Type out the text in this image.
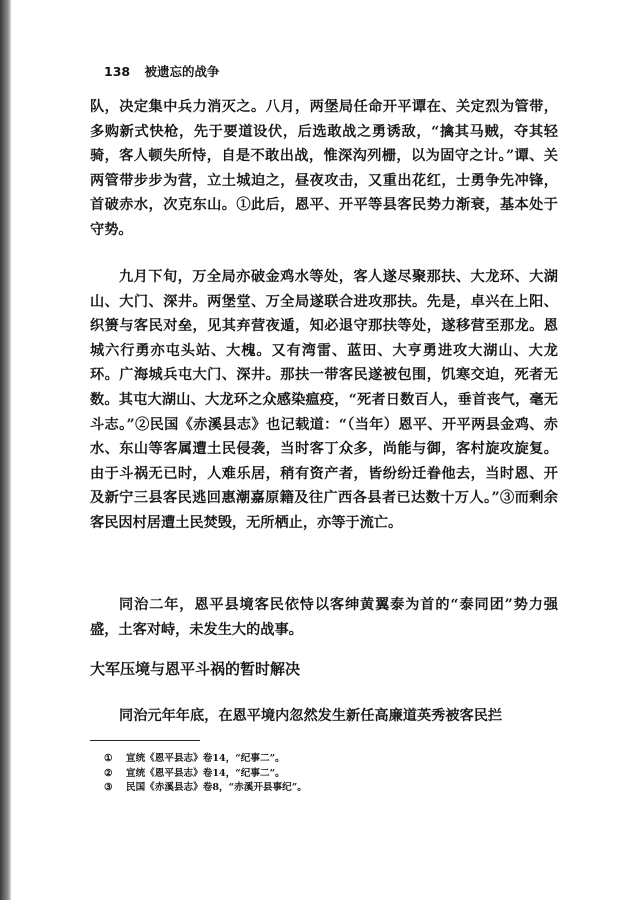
138 被遗忘的战争

队，决定集中兵力消灭之。八月，两堡局任命开平谭在、关定烈为管带，多购新式快枪，先于要道设伏，后选敢战之勇诱敌，“擒其马贼，夺其轻骑，客人顿失所恃，自是不敢出战，惟深沟列栅，以为固守之计。”谭、关两管带步步为营，立土城迫之，昼夜攻击，又重出花红，士勇争先冲锋，首破赤水，次克东山。①此后，恩平、开平等县客民势力渐衰，基本处于守势。

九月下旬，万全局亦破金鸡水等处，客人遂尽聚那扶、大龙环、大湖山、大门、深井。两堡堂、万全局遂联合进攻那扶。先是，卓兴在上阳、织箦与客民对垒，见其弃营夜遁，知必退守那扶等处，遂移营至那龙。恩城六行勇亦屯头站、大槐。又有湾雷、蓝田、大亨勇进攻大湖山、大龙环。广海城兵屯大门、深井。那扶一带客民遂被包围，饥寒交迫，死者无数。其屯大湖山、大龙环之众感染瘟疫，“死者日数百人，垂首丧气，毫无斗志。”②民国《赤溪县志》也记载道：“（当年）恩平、开平两县金鸡、赤水、东山等客属遭土民侵袭，当时客丁众多，尚能与御，客村旋攻旋复。由于斗祸无已时，人难乐居，稍有资产者，皆纷纷迁眷他去，当时恩、开及新宁三县客民逃回惠潮嘉原籍及往广西各县者已达数十万人。”③而剩余客民因村居遭土民焚毁，无所栖止，亦等于流亡。

同治二年，恩平县境客民依恃以客绅黄翼泰为首的“泰同团”势力强盛，土客对峙，未发生大的战事。

大军压境与恩平斗祸的暂时解决

同治元年年底，在恩平境内忽然发生新任高廉道英秀被客民拦

① 宣统《恩平县志》卷14，“纪事二”。
② 宣统《恩平县志》卷14，“纪事二”。
③ 民国《赤溪县志》卷8，“赤溪开县事纪”。
